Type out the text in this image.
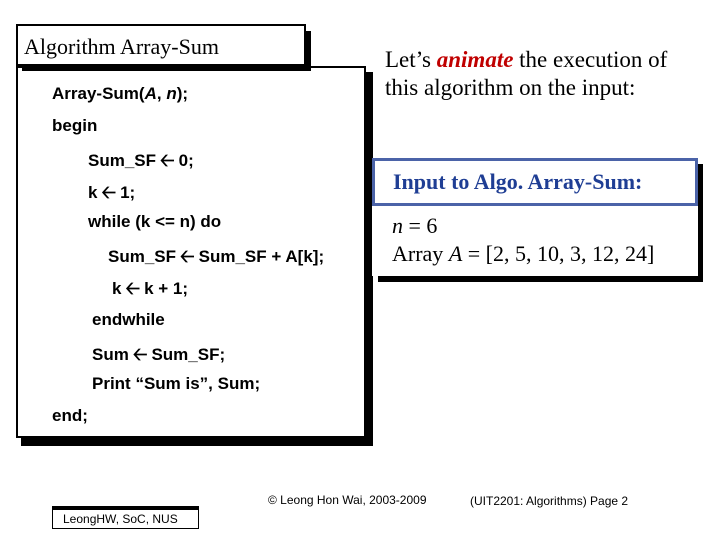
Algorithm Array-Sum
Array-Sum(A, n);
begin
Sum_SF 🡠 0;
k 🡠 1;
while (k <= n) do
Sum_SF 🡠 Sum_SF + A[k];
k 🡠 k + 1;
endwhile
Sum 🡠 Sum_SF;
Print “Sum is”, Sum;
end;
Let’s animate the execution of this algorithm on the input:
Input to Algo. Array-Sum:
n = 6
Array A = [2, 5, 10, 3, 12, 24]
LeongHW, SoC, NUS
© Leong Hon Wai, 2003-2009	(UIT2201: Algorithms) Page 2
